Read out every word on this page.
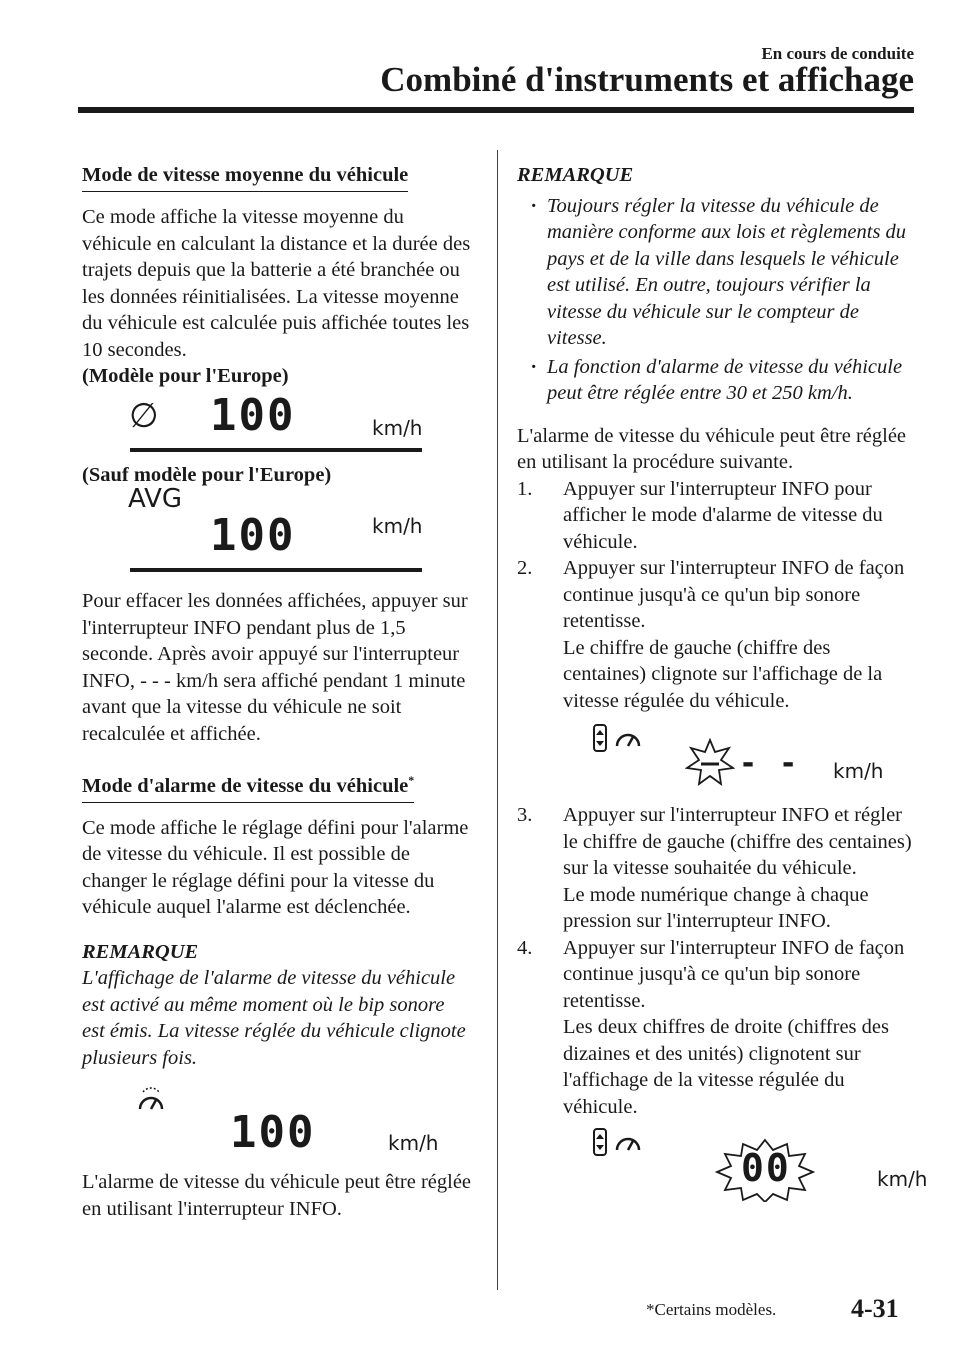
En cours de conduite
Combiné d'instruments et affichage
Mode de vitesse moyenne du véhicule

Ce mode affiche la vitesse moyenne du véhicule en calculant la distance et la durée des trajets depuis que la batterie a été branchée ou les données réinitialisées. La vitesse moyenne du véhicule est calculée puis affichée toutes les 10 secondes.

(Modèle pour l'Europe)

∅ 100	km/h

(Sauf modèle pour l'Europe)

AVG
100	km/h

Pour effacer les données affichées, appuyer sur l'interrupteur INFO pendant plus de 1,5 seconde. Après avoir appuyé sur l'interrupteur INFO, - - - km/h sera affiché pendant 1 minute avant que la vitesse du véhicule ne soit recalculée et affichée.

Mode d'alarme de vitesse du véhicule*

Ce mode affiche le réglage défini pour l'alarme de vitesse du véhicule. Il est possible de changer le réglage défini pour la vitesse du véhicule auquel l'alarme est déclenchée.

REMARQUE

L'affichage de l'alarme de vitesse du véhicule est activé au même moment où le bip sonore est émis. La vitesse réglée du véhicule clignote plusieurs fois.

100	km/h

L'alarme de vitesse du véhicule peut être réglée en utilisant l'interrupteur INFO.

REMARQUE

· Toujours régler la vitesse du véhicule de manière conforme aux lois et règlements du pays et de la ville dans lesquels le véhicule est utilisé. En outre, toujours vérifier la vitesse du véhicule sur le compteur de vitesse.
· La fonction d'alarme de vitesse du véhicule peut être réglée entre 30 et 250 km/h.

L'alarme de vitesse du véhicule peut être réglée en utilisant la procédure suivante.

1. Appuyer sur l'interrupteur INFO pour afficher le mode d'alarme de vitesse du véhicule.
2. Appuyer sur l'interrupteur INFO de façon continue jusqu'à ce qu'un bip sonore retentisse.
Le chiffre de gauche (chiffre des centaines) clignote sur l'affichage de la vitesse régulée du véhicule.
- - km/h
3. Appuyer sur l'interrupteur INFO et régler le chiffre de gauche (chiffre des centaines) sur la vitesse souhaitée du véhicule.
Le mode numérique change à chaque pression sur l'interrupteur INFO.
4. Appuyer sur l'interrupteur INFO de façon continue jusqu'à ce qu'un bip sonore retentisse.
Les deux chiffres de droite (chiffres des dizaines et des unités) clignotent sur l'affichage de la vitesse régulée du véhicule.
00	km/h
*Certains modèles.	4-31
